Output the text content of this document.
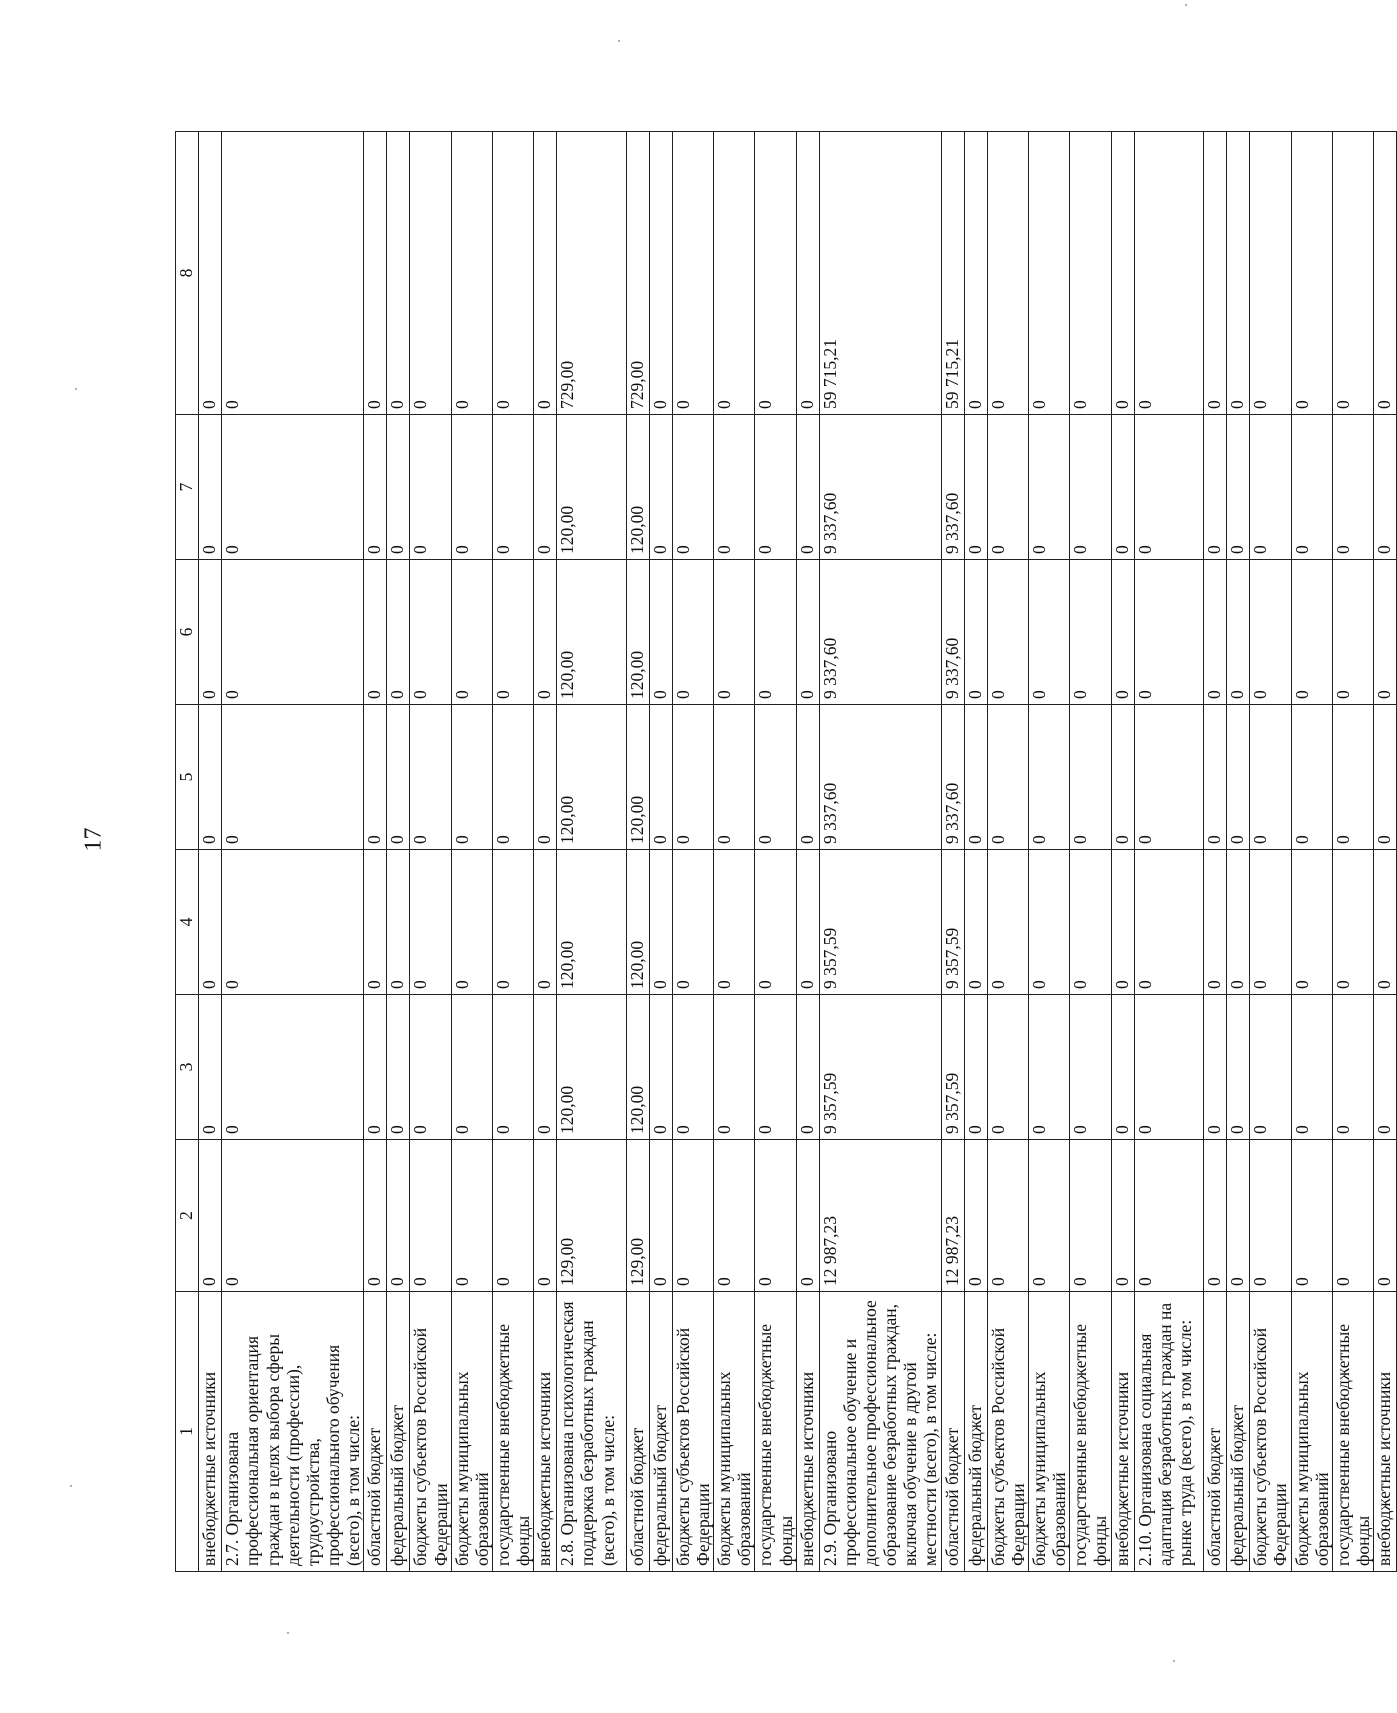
17
1	2	3	4	5	6	7	8
внебюджетные источники	0	0	0	0	0	0	0
2.7. Организована профессиональная ориентация граждан в целях выбора сферы деятельности (профессии), трудоустройства, профессионального обучения (всего), в том числе:	0	0	0	0	0	0	0
областной бюджет	0	0	0	0	0	0	0
федеральный бюджет	0	0	0	0	0	0	0
бюджеты субъектов Российской Федерации	0	0	0	0	0	0	0
бюджеты муниципальных образований	0	0	0	0	0	0	0
государственные внебюджетные фонды	0	0	0	0	0	0	0
внебюджетные источники	0	0	0	0	0	0	0
2.8. Организована психологическая поддержка безработных граждан (всего), в том числе:	129,00	120,00	120,00	120,00	120,00	120,00	729,00
областной бюджет	129,00	120,00	120,00	120,00	120,00	120,00	729,00
федеральный бюджет	0	0	0	0	0	0	0
бюджеты субъектов Российской Федерации	0	0	0	0	0	0	0
бюджеты муниципальных образований	0	0	0	0	0	0	0
государственные внебюджетные фонды	0	0	0	0	0	0	0
внебюджетные источники	0	0	0	0	0	0	0
2.9. Организовано профессиональное обучение и дополнительное профессиональное образование безработных граждан, включая обучение в другой местности (всего), в том числе:	12 987,23	9 357,59	9 357,59	9 337,60	9 337,60	9 337,60	59 715,21
областной бюджет	12 987,23	9 357,59	9 357,59	9 337,60	9 337,60	9 337,60	59 715,21
федеральный бюджет	0	0	0	0	0	0	0
бюджеты субъектов Российской Федерации	0	0	0	0	0	0	0
бюджеты муниципальных образований	0	0	0	0	0	0	0
государственные внебюджетные фонды	0	0	0	0	0	0	0
внебюджетные источники	0	0	0	0	0	0	0
2.10. Организована социальная адаптация безработных граждан на рынке труда (всего), в том числе:	0	0	0	0	0	0	0
областной бюджет	0	0	0	0	0	0	0
федеральный бюджет	0	0	0	0	0	0	0
бюджеты субъектов Российской Федерации	0	0	0	0	0	0	0
бюджеты муниципальных образований	0	0	0	0	0	0	0
государственные внебюджетные фонды	0	0	0	0	0	0	0
внебюджетные источники	0	0	0	0	0	0	0
